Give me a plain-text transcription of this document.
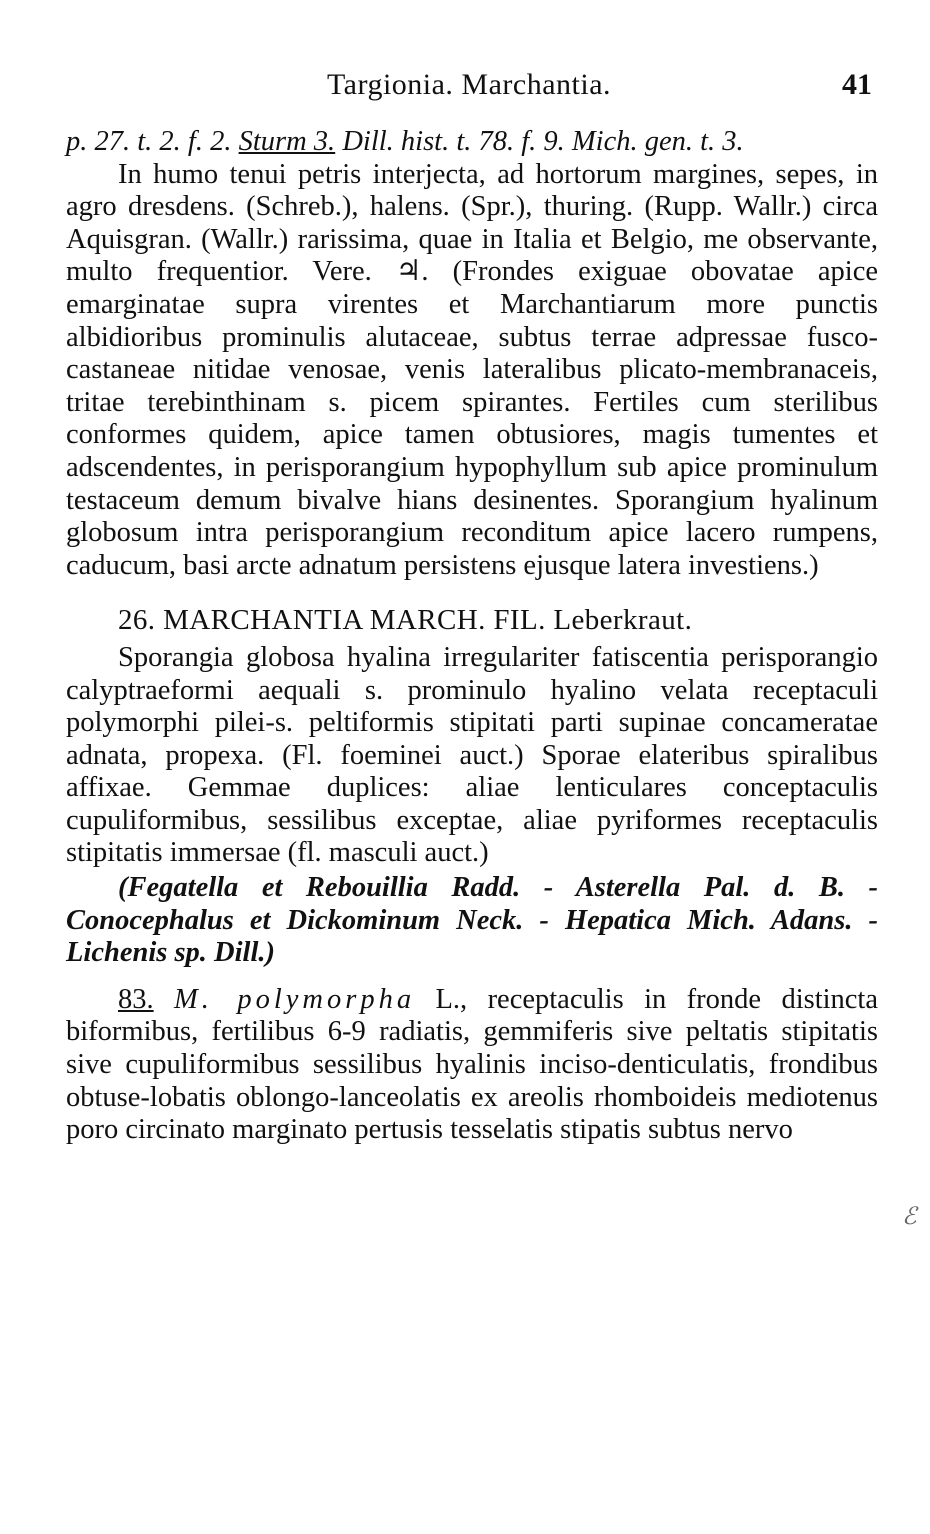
Targionia. Marchantia.	41

p. 27. t. 2. f. 2. Sturm 3. Dill. hist. t. 78. f. 9. Mich. gen. t. 3.

In humo tenui petris interjecta, ad hortorum margines, sepes, in agro dresdens. (Schreb.), halens. (Spr.), thuring. (Rupp. Wallr.) circa Aquisgran. (Wallr.) rarissima, quae in Italia et Belgio, me observante, multo frequentior. Vere. ♃. (Frondes exiguae obovatae apice emarginatae supra virentes et Marchantiarum more punctis albidioribus prominulis alutaceae, subtus terrae adpressae fusco-castaneae nitidae venosae, venis lateralibus plicato-membranaceis, tritae terebinthinam s. picem spirantes. Fertiles cum sterilibus conformes quidem, apice tamen obtusiores, magis tumentes et adscendentes, in perisporangium hypophyllum sub apice prominulum testaceum demum bivalve hians desinentes. Sporangium hyalinum globosum intra perisporangium reconditum apice lacero rumpens, caducum, basi arcte adnatum persistens ejusque latera investiens.)

26. MARCHANTIA MARCH. FIL. Leberkraut.

Sporangia globosa hyalina irregulariter fatiscentia perisporangio calyptraeformi aequali s. prominulo hyalino velata receptaculi polymorphi pilei-s. peltiformis stipitati parti supinae concameratae adnata, propexa. (Fl. foeminei auct.) Sporae elateribus spiralibus affixae. Gemmae duplices: aliae lenticulares conceptaculis cupuliformibus, sessilibus exceptae, aliae pyriformes receptaculis stipitatis immersae (fl. masculi auct.)

(Fegatella et Rebouillia Radd. - Asterella Pal. d. B. - Conocephalus et Dickominum Neck. - Hepatica Mich. Adans. - Lichenis sp. Dill.)

83. M. polymorpha L., receptaculis in fronde distincta biformibus, fertilibus 6-9 radiatis, gemmiferis sive peltatis stipitatis sive cupuliformibus sessilibus hyalinis inciso-denticulatis, frondibus obtuse-lobatis oblongo-lanceolatis ex areolis rhomboideis mediotenus poro circinato marginato pertusis tesselatis stipatis subtus nervo

ℰ
